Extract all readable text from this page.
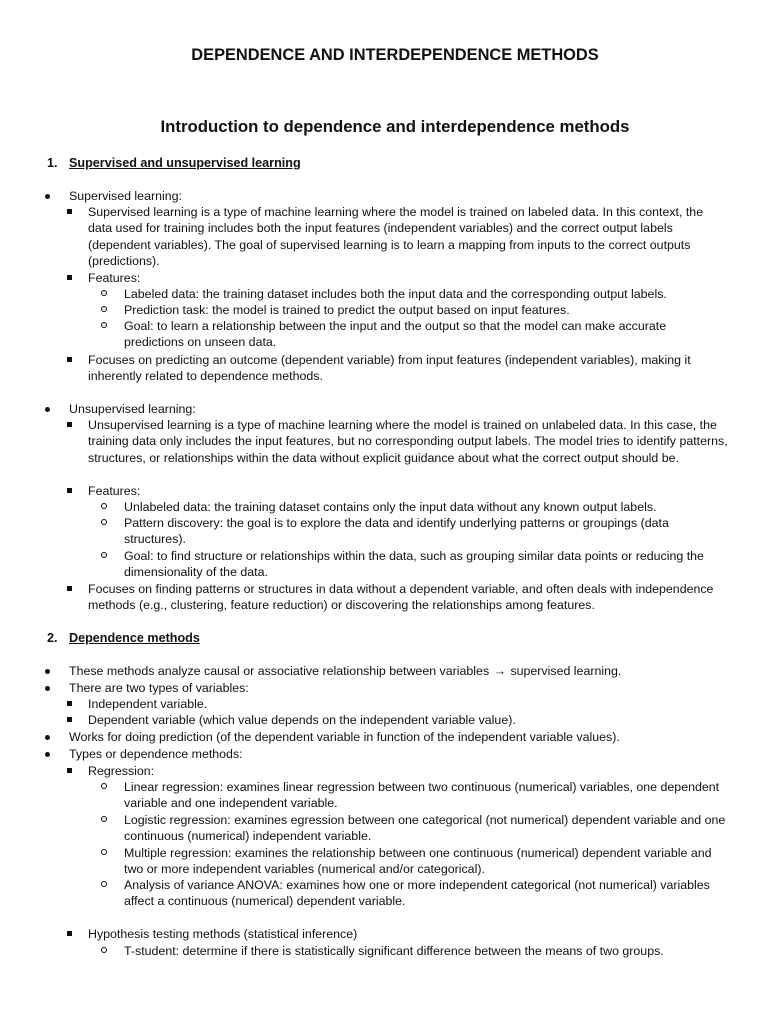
DEPENDENCE AND INTERDEPENDENCE METHODS
Introduction to dependence and interdependence methods
1. Supervised and unsupervised learning
Supervised learning:
Supervised learning is a type of machine learning where the model is trained on labeled data. In this context, the data used for training includes both the input features (independent variables) and the correct output labels (dependent variables). The goal of supervised learning is to learn a mapping from inputs to the correct outputs (predictions).
Features:
Labeled data: the training dataset includes both the input data and the corresponding output labels.
Prediction task: the model is trained to predict the output based on input features.
Goal: to learn a relationship between the input and the output so that the model can make accurate predictions on unseen data.
Focuses on predicting an outcome (dependent variable) from input features (independent variables), making it inherently related to dependence methods.
Unsupervised learning:
Unsupervised learning is a type of machine learning where the model is trained on unlabeled data. In this case, the training data only includes the input features, but no corresponding output labels. The model tries to identify patterns, structures, or relationships within the data without explicit guidance about what the correct output should be.
Features:
Unlabeled data: the training dataset contains only the input data without any known output labels.
Pattern discovery: the goal is to explore the data and identify underlying patterns or groupings (data structures).
Goal: to find structure or relationships within the data, such as grouping similar data points or reducing the dimensionality of the data.
Focuses on finding patterns or structures in data without a dependent variable, and often deals with independence methods (e.g., clustering, feature reduction) or discovering the relationships among features.
2. Dependence methods
These methods analyze causal or associative relationship between variables → supervised learning.
There are two types of variables:
Independent variable.
Dependent variable (which value depends on the independent variable value).
Works for doing prediction (of the dependent variable in function of the independent variable values).
Types or dependence methods:
Regression:
Linear regression: examines linear regression between two continuous (numerical) variables, one dependent variable and one independent variable.
Logistic regression: examines egression between one categorical (not numerical) dependent variable and one continuous (numerical) independent variable.
Multiple regression: examines the relationship between one continuous (numerical) dependent variable and two or more independent variables (numerical and/or categorical).
Analysis of variance ANOVA: examines how one or more independent categorical (not numerical) variables affect a continuous (numerical) dependent variable.
Hypothesis testing methods (statistical inference)
T-student: determine if there is statistically significant difference between the means of two groups.
